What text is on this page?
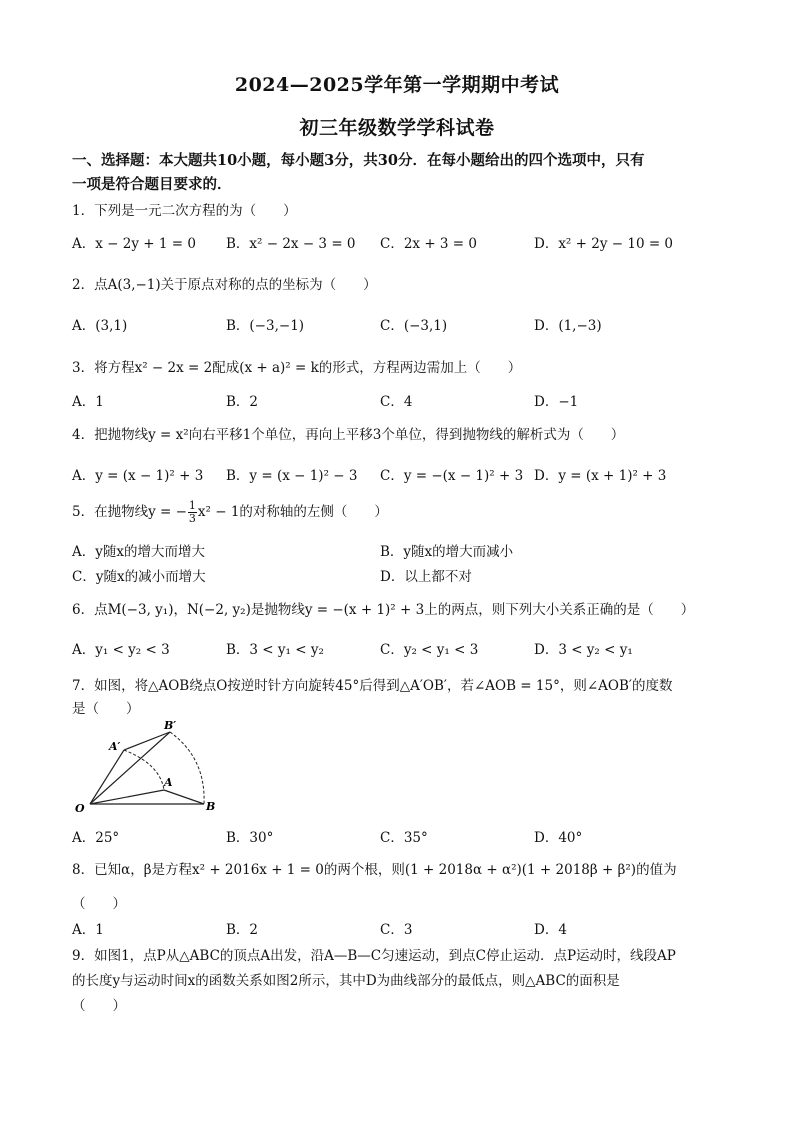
2024—2025学年第一学期期中考试
初三年级数学学科试卷
一、选择题：本大题共10小题，每小题3分，共30分．在每小题给出的四个选项中，只有
一项是符合题目要求的．
1．下列是一元二次方程的为（　　）
A．x − 2y + 1 = 0 B．x² − 2x − 3 = 0 C．2x + 3 = 0	D．x² + 2y − 10 = 0
2．点A(3,−1)关于原点对称的点的坐标为（　　）
A．(3,1)	B．(−3,−1)	C．(−3,1)	D．(1,−3)
3．将方程x² − 2x = 2配成(x + a)² = k的形式，方程两边需加上（　　）
A．1	B．2	C．4	D．−1
4．把抛物线y = x²向右平移1个单位，再向上平移3个单位，得到抛物线的解析式为（　　）
A．y = (x − 1)² + 3 B．y = (x − 1)² − 3 C．y = −(x − 1)² + 3 D．y = (x + 1)² + 3
5．在抛物线y = − $\frac{1}{3} x^2 - 1$的对称轴的左侧（　　）
A．y随x的增大而增大	B．y随x的增大而减小
C．y随x的减小而增大	D．以上都不对
6．点M(−3, y₁)，N(−2, y₂)是抛物线y = −(x + 1)² + 3上的两点，则下列大小关系正确的是（　　）
A．y₁ < y₂ < 3	B．3 < y₁ < y₂	C．y₂ < y₁ < 3	D．3 < y₂ < y₁
7．如图，将△AOB绕点O按逆时针方向旋转45°后得到△A′OB′，若∠AOB = 15°，则∠AOB′的度数
是（　　）
O
A
B
A′
B′
A．25°	B．30°	C．35°	D．40°
8．已知α，β是方程x² + 2016x + 1 = 0的两个根，则(1 + 2018α + α²)(1 + 2018β + β²)的值为
（　　）
A．1	B．2	C．3	D．4
9．如图1，点P从△ABC的顶点A出发，沿A—B—C匀速运动，到点C停止运动．点P运动时，线段AP
的长度y与运动时间x的函数关系如图2所示，其中D为曲线部分的最低点，则△ABC的面积是
（　　）
